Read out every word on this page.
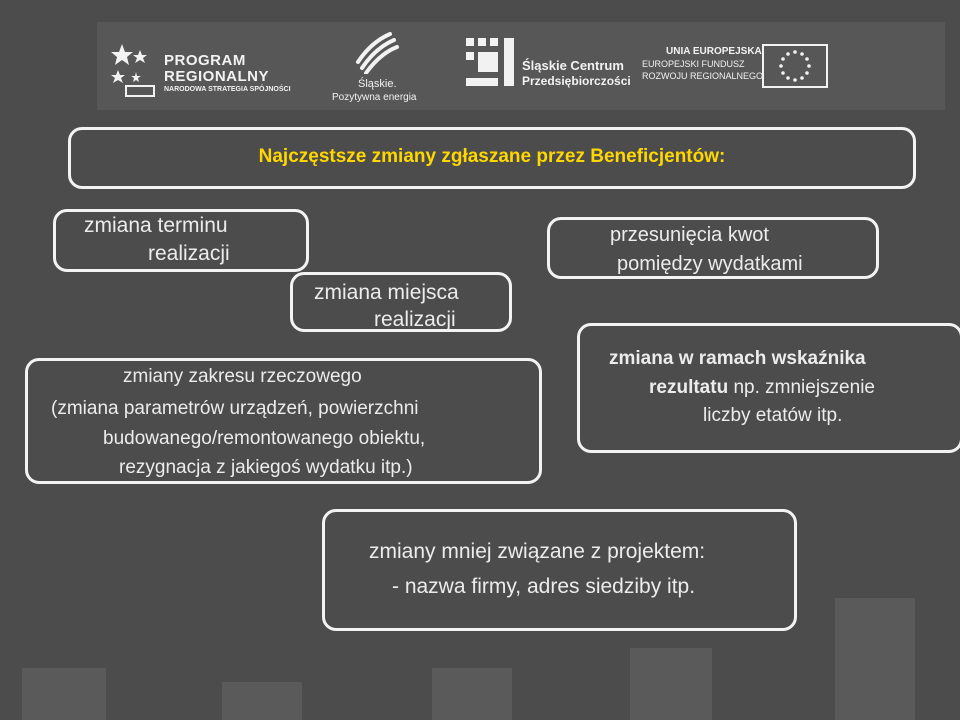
PROGRAM
REGIONALNY
NARODOWA STRATEGIA SPÓJNOŚCI	Śląskie.
Pozytywna energia
Śląskie Centrum
Przedsiębiorczości
UNIA EUROPEJSKA
EUROPEJSKI FUNDUSZ
ROZWOJU REGIONALNEGO
Najczęstsze zmiany zgłaszane przez Beneficjentów:
zmiana terminu
realizacji
zmiana miejsca
realizacji
zmiany zakresu rzeczowego
(zmiana parametrów urządzeń, powierzchni
budowanego/remontowanego obiektu,
rezygnacja z jakiegoś wydatku itp.)
przesunięcia kwot
pomiędzy wydatkami
zmiana w ramach wskaźnika
rezultatu np. zmniejszenie
liczby etatów itp.
zmiany mniej związane z projektem:
- nazwa firmy, adres siedziby itp.
